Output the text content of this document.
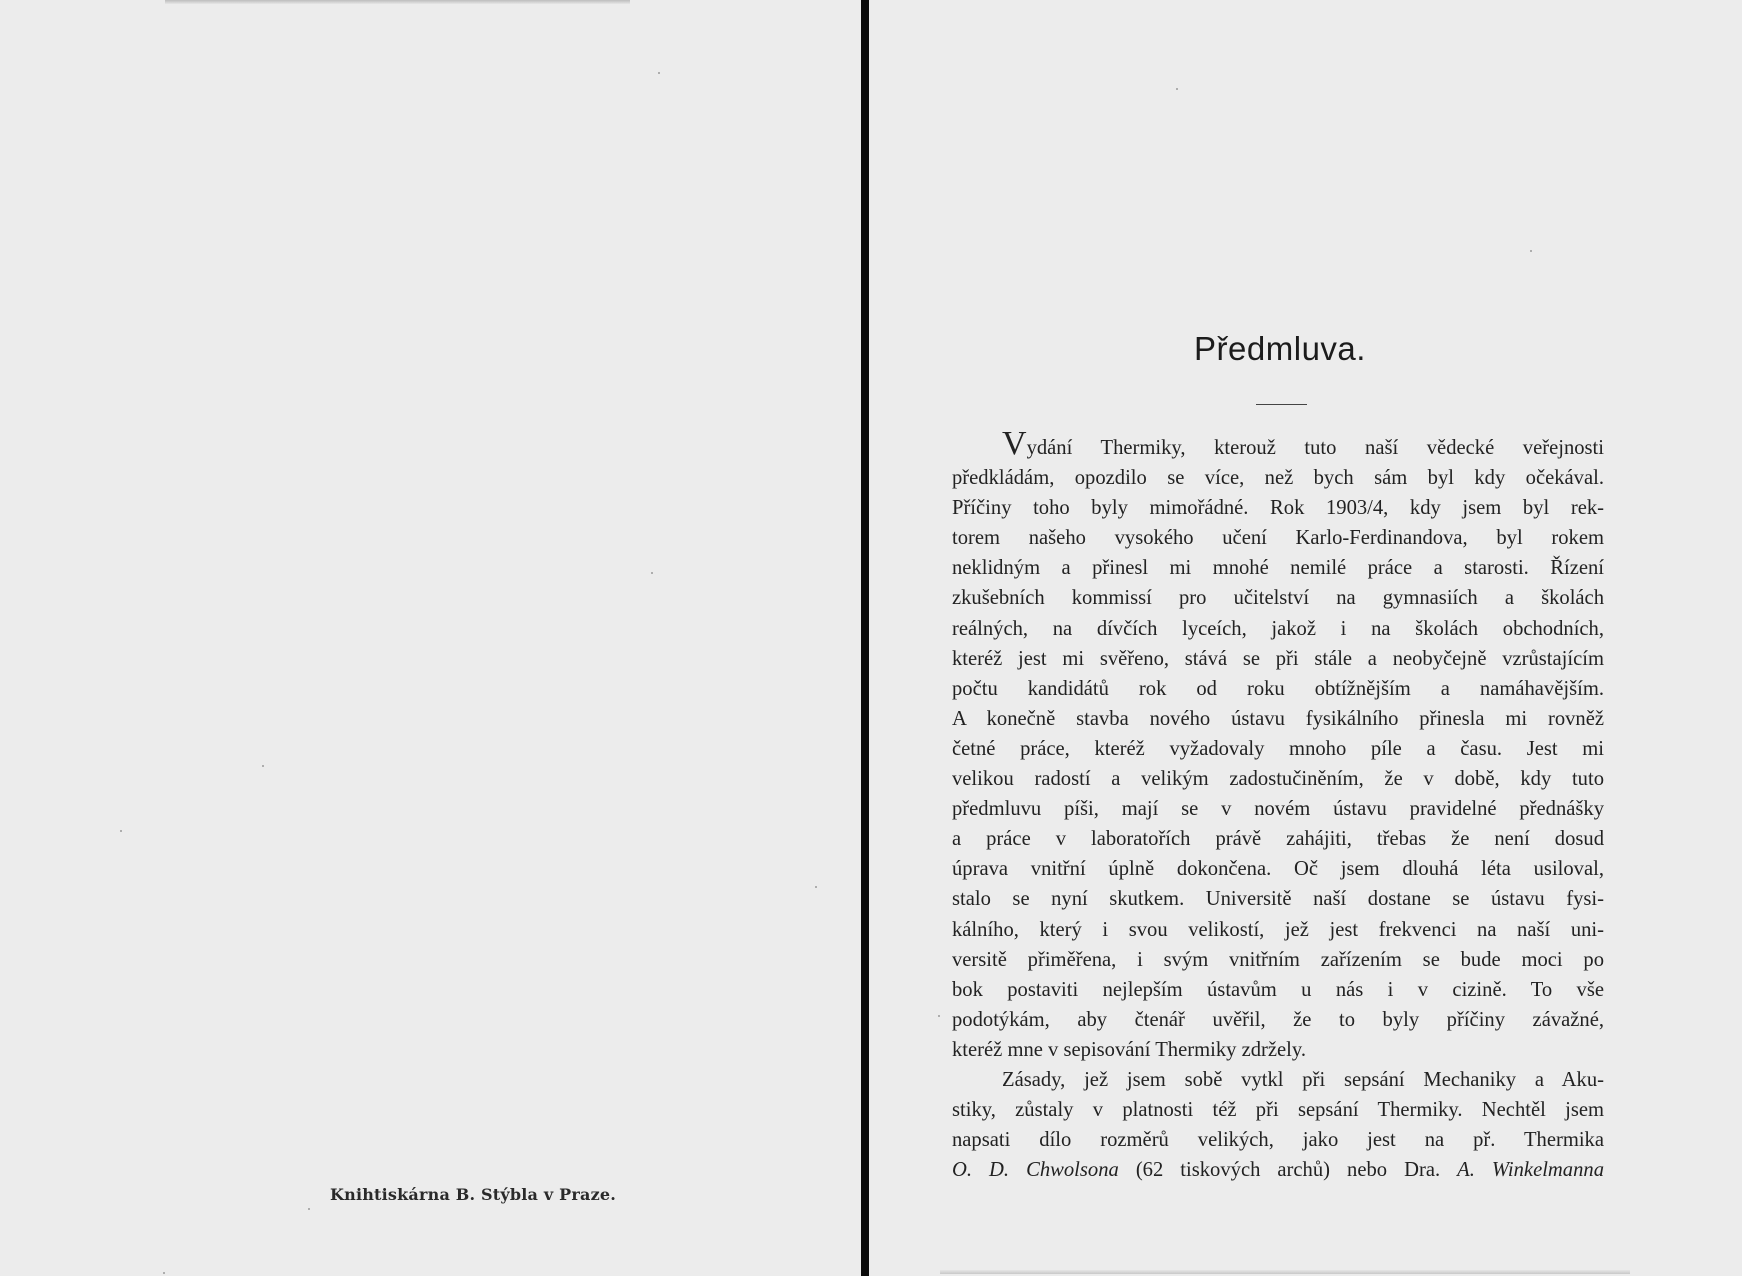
Knihtiskárna B. Stýbla v Praze.
Předmluva.
Vydání Thermiky, kterouž tuto naší vědecké veřejnosti
předkládám, opozdilo se více, než bych sám byl kdy očekával.
Příčiny toho byly mimořádné. Rok 1903/4, kdy jsem byl rek-
torem našeho vysokého učení Karlo-Ferdinandova, byl rokem
neklidným a přinesl mi mnohé nemilé práce a starosti. Řízení
zkušebních kommissí pro učitelství na gymnasiích a školách
reálných, na dívčích lyceích, jakož i na školách obchodních,
kteréž jest mi svěřeno, stává se při stále a neobyčejně vzrůstajícím
počtu kandidátů rok od roku obtížnějším a namáhavějším.
A konečně stavba nového ústavu fysikálního přinesla mi rovněž
četné práce, kteréž vyžadovaly mnoho píle a času. Jest mi
velikou radostí a velikým zadostučiněním, že v době, kdy tuto
předmluvu píši, mají se v novém ústavu pravidelné přednášky
a práce v laboratořích právě zahájiti, třebas že není dosud
úprava vnitřní úplně dokončena. Oč jsem dlouhá léta usiloval,
stalo se nyní skutkem. Universitě naší dostane se ústavu fysi-
kálního, který i svou velikostí, jež jest frekvenci na naší uni-
versitě přiměřena, i svým vnitřním zařízením se bude moci po
bok postaviti nejlepším ústavům u nás i v cizině. To vše
podotýkám, aby čtenář uvěřil, že to byly příčiny závažné,
kteréž mne v sepisování Thermiky zdržely.
Zásady, jež jsem sobě vytkl při sepsání Mechaniky a Aku-
stiky, zůstaly v platnosti též při sepsání Thermiky. Nechtěl jsem
napsati dílo rozměrů velikých, jako jest na př. Thermika
O. D. Chwolsona (62 tiskových archů) nebo Dra. A. Winkelmanna
